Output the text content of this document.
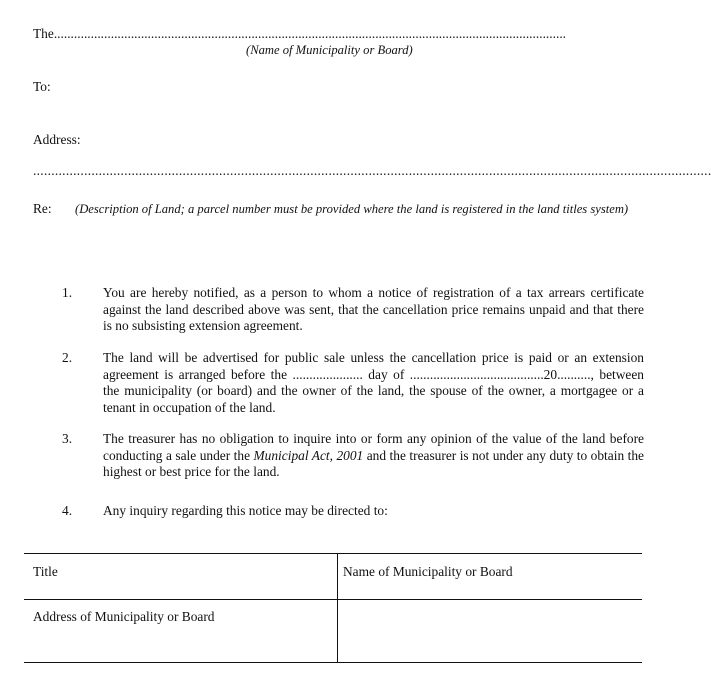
The.........................................................................................................................................................
(Name of Municipality or Board)
To:
Address:
..........................................................................................................................................................................................
Re: (Description of Land; a parcel number must be provided where the land is registered in the land titles system)
1.	You are hereby notified, as a person to whom a notice of registration of a tax arrears certificate against the land described above was sent, that the cancellation price remains unpaid and that there is no subsisting extension agreement.
2.	The land will be advertised for public sale unless the cancellation price is paid or an extension agreement is arranged before the ..................... day of ........................................20.........., between the municipality (or board) and the owner of the land, the spouse of the owner, a mortgagee or a tenant in occupation of the land.
3.	The treasurer has no obligation to inquire into or form any opinion of the value of the land before conducting a sale under the Municipal Act, 2001 and the treasurer is not under any duty to obtain the highest or best price for the land.
4.	Any inquiry regarding this notice may be directed to:
Title	Name of Municipality or Board
Address of Municipality or Board
